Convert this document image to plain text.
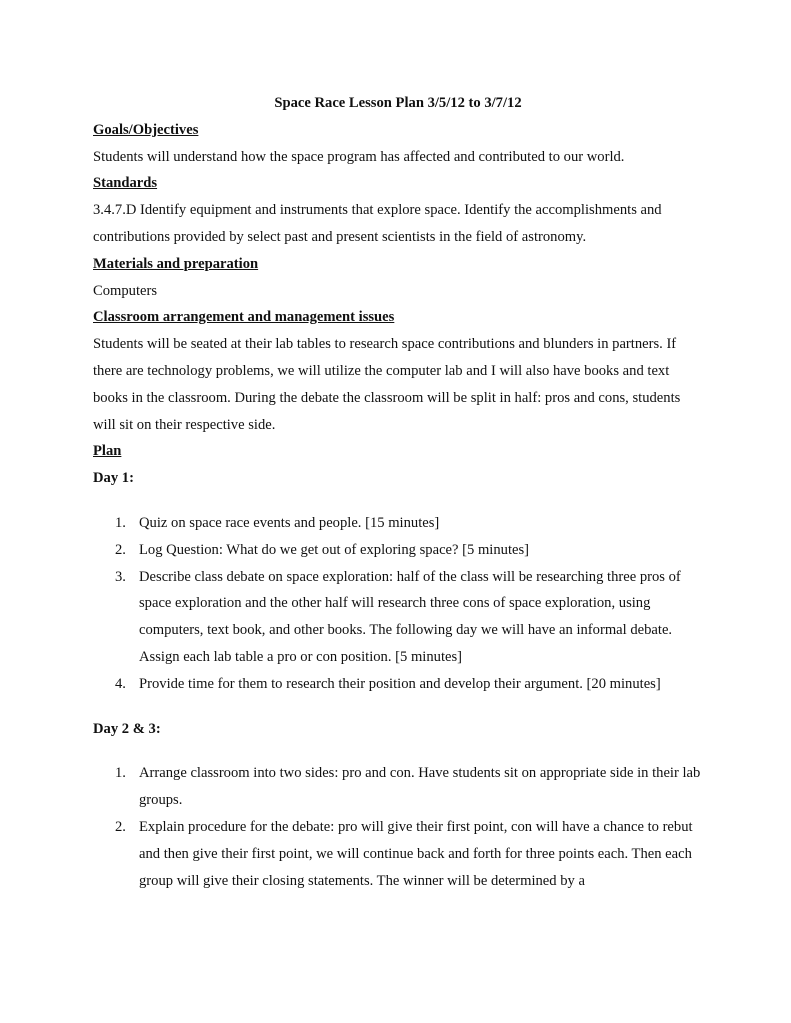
Space Race Lesson Plan 3/5/12 to 3/7/12

Goals/Objectives

Students will understand how the space program has affected and contributed to our world.

Standards

3.4.7.D Identify equipment and instruments that explore space. Identify the accomplishments and contributions provided by select past and present scientists in the field of astronomy.

Materials and preparation

Computers

Classroom arrangement and management issues

Students will be seated at their lab tables to research space contributions and blunders in partners. If there are technology problems, we will utilize the computer lab and I will also have books and text books in the classroom. During the debate the classroom will be split in half: pros and cons, students will sit on their respective side.

Plan

Day 1:

1. Quiz on space race events and people. [15 minutes]
2. Log Question: What do we get out of exploring space? [5 minutes]
3. Describe class debate on space exploration: half of the class will be researching three pros of space exploration and the other half will research three cons of space exploration, using computers, text book, and other books. The following day we will have an informal debate. Assign each lab table a pro or con position. [5 minutes]
4. Provide time for them to research their position and develop their argument. [20 minutes]

Day 2 & 3:

1. Arrange classroom into two sides: pro and con. Have students sit on appropriate side in their lab groups.
2. Explain procedure for the debate: pro will give their first point, con will have a chance to rebut and then give their first point, we will continue back and forth for three points each. Then each group will give their closing statements. The winner will be determined by a
